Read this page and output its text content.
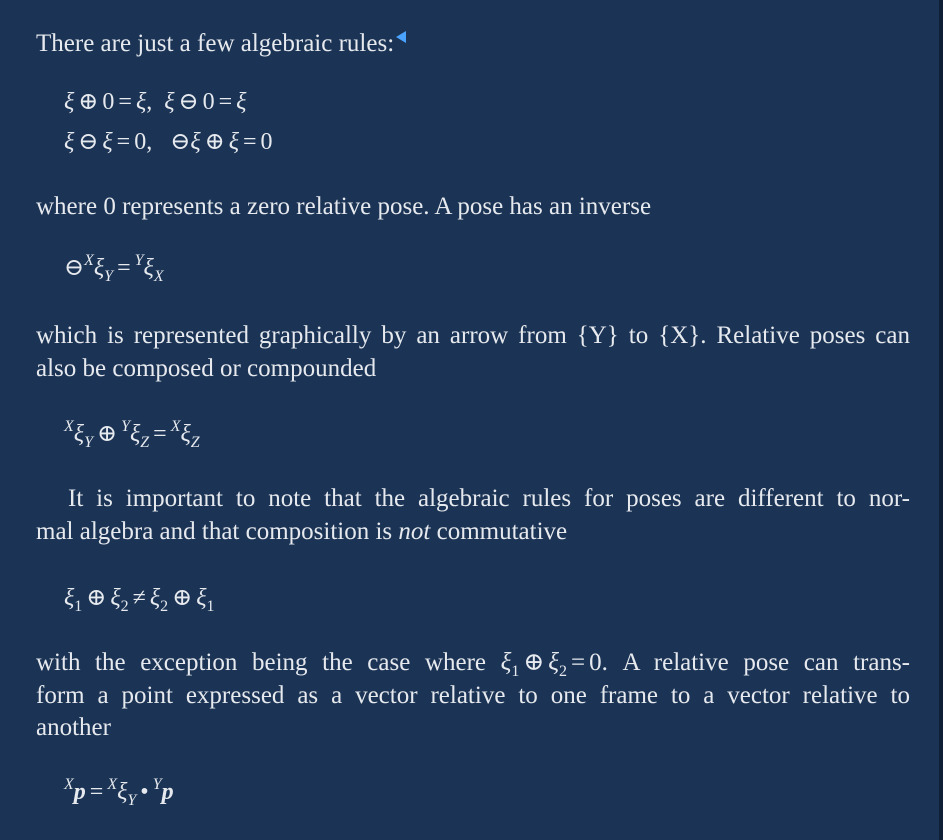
There are just a few algebraic rules:
ξ ⊕ 0 = ξ, ξ ⊖ 0 = ξ
ξ ⊖ ξ = 0, ⊖ξ ⊕ ξ = 0
where 0 represents a zero relative pose. A pose has an inverse
$⊖^X\xi_Y = ^Y\xi_X$
which is represented graphically by an arrow from {Y} to {X}. Relative poses can
also be composed or compounded
$^X\xi_Y$ ⊕ $^Y\xi_Z = ^X\xi_Z$
It is important to note that the algebraic rules for poses are different to nor-
mal algebra and that composition is not commutative
$\xi_1$ ⊕ $\xi_2 \ne \xi_2$ ⊕ $\xi_1$
with the exception being the case where $\xi_1$ ⊕ $\xi_2 = 0$. A relative pose can trans-
form a point expressed as a vector relative to one frame to a vector relative to
another
$^Xp = ^X\xi_Y$ • $^Y$p
